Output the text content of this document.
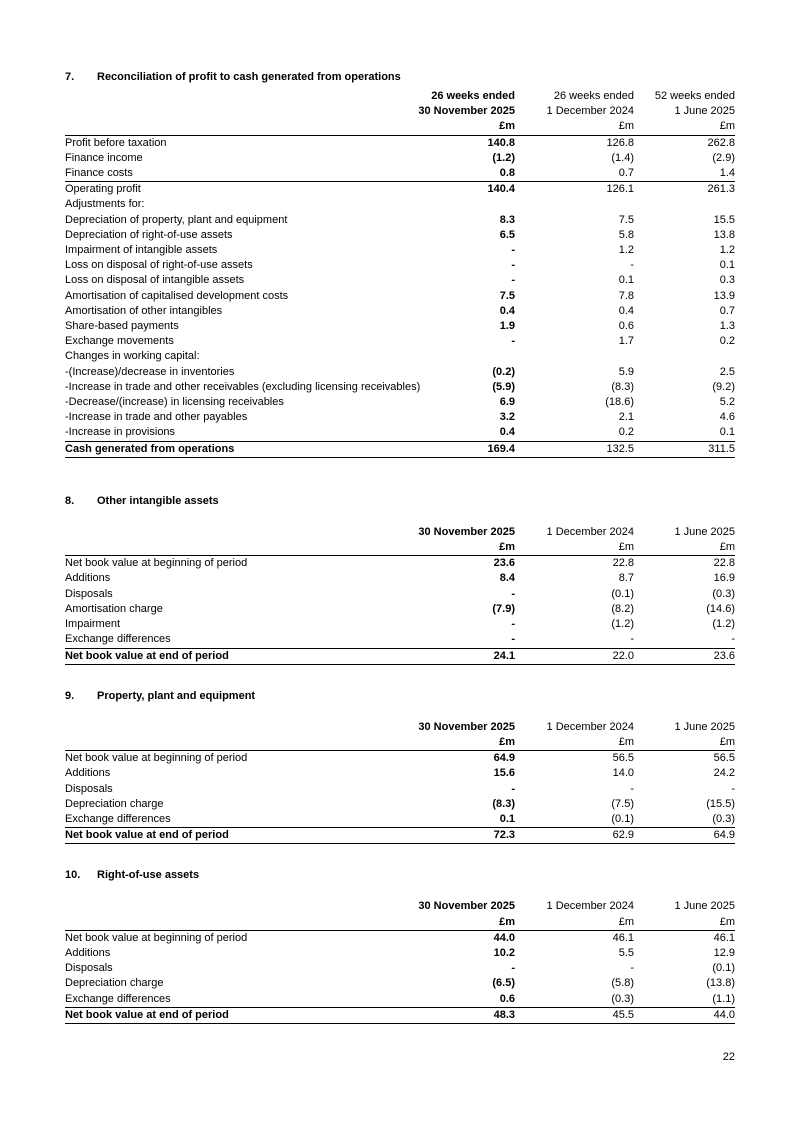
7.	Reconciliation of profit to cash generated from operations
	26 weeks ended	26 weeks ended	52 weeks ended
	30 November 2025	1 December 2024	1 June 2025
	£m	£m	£m
Profit before taxation	140.8	126.8	262.8
Finance income	(1.2)	(1.4)	(2.9)
Finance costs	0.8	0.7	1.4
Operating profit	140.4	126.1	261.3
Adjustments for:			
Depreciation of property, plant and equipment	8.3	7.5	15.5
Depreciation of right-of-use assets	6.5	5.8	13.8
Impairment of intangible assets	-	1.2	1.2
Loss on disposal of right-of-use assets	-	-	0.1
Loss on disposal of intangible assets	-	0.1	0.3
Amortisation of capitalised development costs	7.5	7.8	13.9
Amortisation of other intangibles	0.4	0.4	0.7
Share-based payments	1.9	0.6	1.3
Exchange movements	-	1.7	0.2
Changes in working capital:			
-(Increase)/decrease in inventories	(0.2)	5.9	2.5
-Increase in trade and other receivables (excluding licensing receivables)	(5.9)	(8.3)	(9.2)
-Decrease/(increase) in licensing receivables	6.9	(18.6)	5.2
-Increase in trade and other payables	3.2	2.1	4.6
-Increase in provisions	0.4	0.2	0.1
Cash generated from operations	169.4	132.5	311.5
8.	Other intangible assets
	30 November 2025	1 December 2024	1 June 2025
	£m	£m	£m
Net book value at beginning of period	23.6	22.8	22.8
Additions	8.4	8.7	16.9
Disposals	-	(0.1)	(0.3)
Amortisation charge	(7.9)	(8.2)	(14.6)
Impairment	-	(1.2)	(1.2)
Exchange differences	-	-	-
Net book value at end of period	24.1	22.0	23.6
9.	Property, plant and equipment
	30 November 2025	1 December 2024	1 June 2025
	£m	£m	£m
Net book value at beginning of period	64.9	56.5	56.5
Additions	15.6	14.0	24.2
Disposals	-	-	-
Depreciation charge	(8.3)	(7.5)	(15.5)
Exchange differences	0.1	(0.1)	(0.3)
Net book value at end of period	72.3	62.9	64.9
10.	Right-of-use assets
	30 November 2025	1 December 2024	1 June 2025
	£m	£m	£m
Net book value at beginning of period	44.0	46.1	46.1
Additions	10.2	5.5	12.9
Disposals	-	-	(0.1)
Depreciation charge	(6.5)	(5.8)	(13.8)
Exchange differences	0.6	(0.3)	(1.1)
Net book value at end of period	48.3	45.5	44.0
22
